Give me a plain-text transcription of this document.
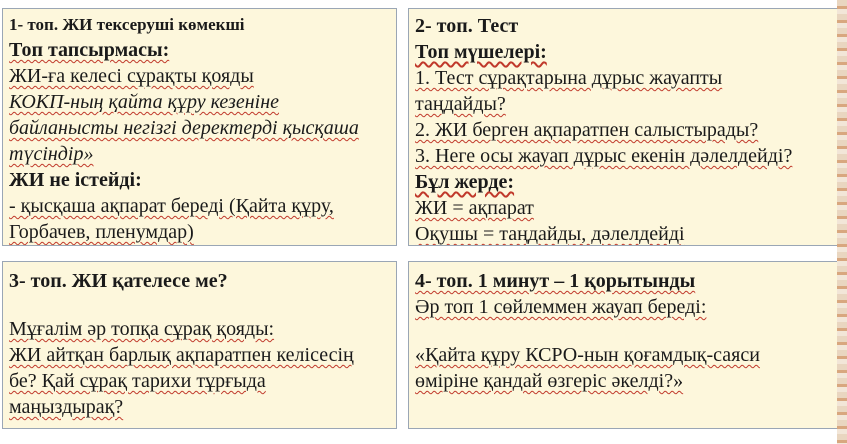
1- топ. ЖИ тексеруші көмекші
Топ тапсырмасы:
ЖИ-ға келесі сұрақты қояды
КОКП-ның қайта құру кезеніне
байланысты негізгі деректерді қысқаша
түсіндір»
ЖИ не істейді:
- қысқаша ақпарат береді (Қайта құру,
Горбачев, пленумдар)
2- топ. Тест
Топ мүшелері:
1. Тест сұрақтарына дұрыс жауапты
таңдайды?
2. ЖИ берген ақпаратпен салыстырады?
3. Неге осы жауап дұрыс екенін дәлелдейді?
Бұл жерде:
ЖИ = ақпарат
Оқушы = таңдайды, дәлелдейді
3- топ. ЖИ қателесе ме?
Мұғалім әр топқа сұрақ қояды:
ЖИ айтқан барлық ақпаратпен келісесің
бе? Қай сұрақ тарихи тұрғыда
маңыздырақ?
4- топ. 1 минут – 1 қорытынды
Әр топ 1 сөйлеммен жауап береді:
«Қайта құру КСРО-нын қоғамдық-саяси
өміріне қандай өзгеріс әкелді?»
